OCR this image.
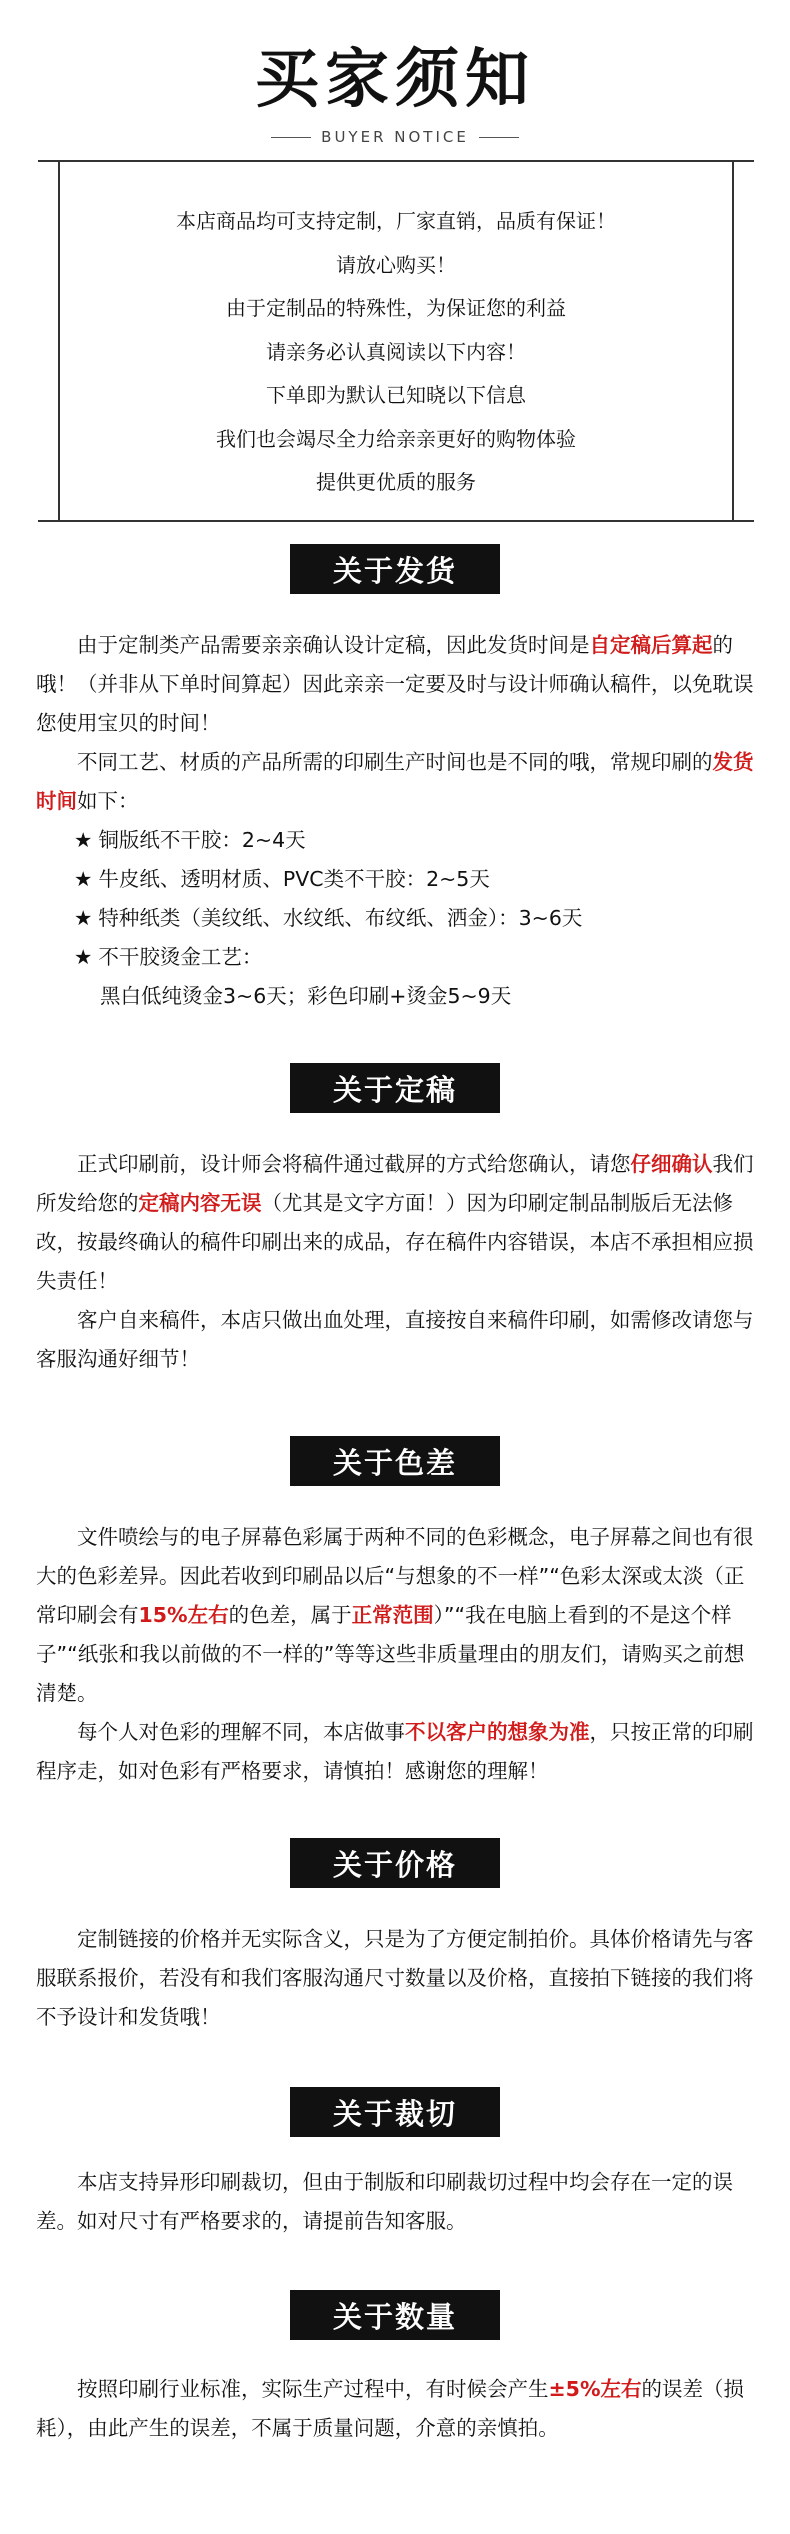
买家须知
BUYER NOTICE
本店商品均可支持定制，厂家直销，品质有保证！
请放心购买！
由于定制品的特殊性，为保证您的利益
请亲务必认真阅读以下内容！
下单即为默认已知晓以下信息
我们也会竭尽全力给亲亲更好的购物体验
提供更优质的服务
关于发货
由于定制类产品需要亲亲确认设计定稿，因此发货时间是自定稿后算起的哦！（并非从下单时间算起）因此亲亲一定要及时与设计师确认稿件，以免耽误您使用宝贝的时间！
不同工艺、材质的产品所需的印刷生产时间也是不同的哦，常规印刷的发货时间如下：
★ 铜版纸不干胶：2~4天
★ 牛皮纸、透明材质、PVC类不干胶：2~5天
★ 特种纸类（美纹纸、水纹纸、布纹纸、洒金）：3~6天
★ 不干胶烫金工艺：
黑白低纯烫金3~6天；彩色印刷+烫金5~9天
关于定稿
正式印刷前，设计师会将稿件通过截屏的方式给您确认，请您仔细确认我们所发给您的定稿内容无误（尤其是文字方面！）因为印刷定制品制版后无法修改，按最终确认的稿件印刷出来的成品，存在稿件内容错误，本店不承担相应损失责任！
客户自来稿件，本店只做出血处理，直接按自来稿件印刷，如需修改请您与客服沟通好细节！
关于色差
文件喷绘与的电子屏幕色彩属于两种不同的色彩概念，电子屏幕之间也有很大的色彩差异。因此若收到印刷品以后“与想象的不一样”“色彩太深或太淡（正常印刷会有15%左右的色差，属于正常范围）”“我在电脑上看到的不是这个样子”“纸张和我以前做的不一样的”等等这些非质量理由的朋友们，请购买之前想清楚。
每个人对色彩的理解不同，本店做事不以客户的想象为准，只按正常的印刷程序走，如对色彩有严格要求，请慎拍！感谢您的理解！
关于价格
定制链接的价格并无实际含义，只是为了方便定制拍价。具体价格请先与客服联系报价，若没有和我们客服沟通尺寸数量以及价格，直接拍下链接的我们将不予设计和发货哦！
关于裁切
本店支持异形印刷裁切，但由于制版和印刷裁切过程中均会存在一定的误差。如对尺寸有严格要求的，请提前告知客服。
关于数量
按照印刷行业标准，实际生产过程中，有时候会产生±5%左右的误差（损耗），由此产生的误差，不属于质量问题，介意的亲慎拍。
